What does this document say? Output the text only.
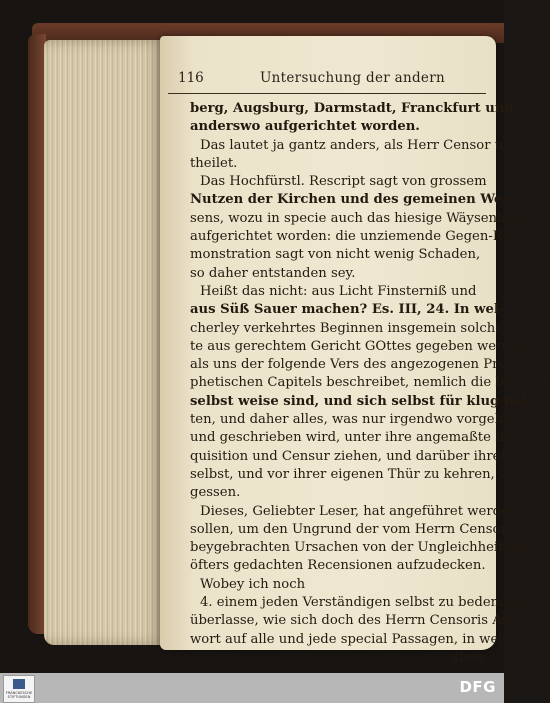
116	Untersuchung der andern
berg, Augsburg, Darmstadt, Franckfurt und
anderswo aufgerichtet worden.
Das lautet ja gantz anders, als Herr Censor ur-
theilet.
Das Hochfürstl. Rescript sagt von grossem
Nutzen der Kirchen und des gemeinen We-
sens, wozu in specie auch das hiesige Wäysenhaus
aufgerichtet worden: die unziemende Gegen-Re-
monstration sagt von nicht wenig Schaden,
so daher entstanden sey.
Heißt das nicht: aus Licht Finsterniß und
aus Süß Sauer machen? Es. III, 24. In wel-
cherley verkehrtes Beginnen insgemein solche Leu-
te aus gerechtem Gericht GOttes gegeben werden,
als uns der folgende Vers des angezogenen Pro-
phetischen Capitels beschreibet, nemlich die bey sich
selbst weise sind, und sich selbst für klug hal-
ten, und daher alles, was nur irgendwo vorgehet
und geschrieben wird, unter ihre angemaßte In-
quisition und Censur ziehen, und darüber ihrer
selbst, und vor ihrer eigenen Thür zu kehren, ver-
gessen.
Dieses, Geliebter Leser, hat angeführet werden
sollen, um den Ungrund der vom Herrn Censore
beygebrachten Ursachen von der Ungleichheit der
öfters gedachten Recensionen aufzudecken.
Wobey ich noch
4. einem jeden Verständigen selbst zu bedencken
überlasse, wie sich doch des Herrn Censoris Ant-
wort auf alle und jede special Passagen, in wel-
chen
FRANCKESCHE STIFTUNGEN
DFG
